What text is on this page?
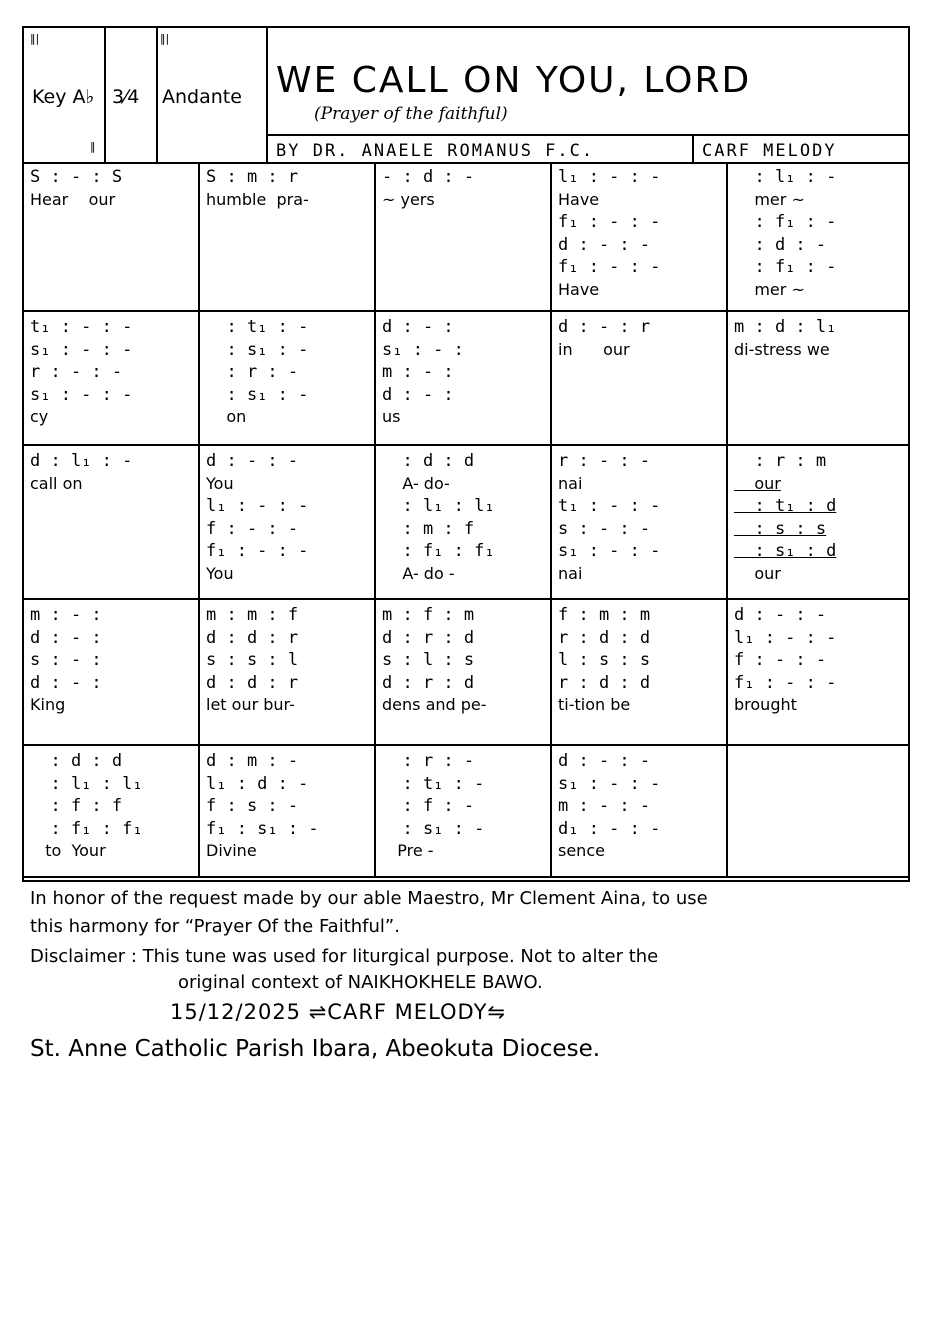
‖|
Key A♭
‖
3⁄4
‖|
Andante WE CALL ON YOU, LORD
(Prayer of the faithful)
BY DR. ANAELE ROMANUS F.C.	CARF MELODY
S : - : S
Hear    our
S : m : r
humble  pra-
- : d : -
~ yers
l₁ : - : -
Have
f₁ : - : -
d : - : -
f₁ : - : -
Have
: l₁ : -
mer ~
: f₁ : -
: d : -
: f₁ : -
mer ~
t₁ : - : -
s₁ : - : -
r : - : -
s₁ : - : -
cy
: t₁ : -
: s₁ : -
: r : -
: s₁ : -
on
d : - :
s₁ : - :
m : - :
d : - :
us
d : - : r
in      our
m : d : l₁
di-stress we
d : l₁ : -
call on
d : - : -
You
l₁ : - : -
f : - : -
f₁ : - : -
You
: d : d
A- do-
: l₁ : l₁
: m : f
: f₁ : f₁
A- do -
r : - : -
nai
t₁ : - : -
s : - : -
s₁ : - : -
nai
: r : m
our
: t₁ : d
: s : s
: s₁ : d
our
m : - :
d : - :
s : - :
d : - :
King
m : m : f
d : d : r
s : s : l
d : d : r
let our bur-
m : f : m
d : r : d
s : l : s
d : r : d
dens and pe-
f : m : m
r : d : d
l : s : s
r : d : d
ti-tion be
d : - : -
l₁ : - : -
f : - : -
f₁ : - : -
brought
: d : d
: l₁ : l₁
: f : f
: f₁ : f₁
to  Your
d : m : -
l₁ : d : -
f : s : -
f₁ : s₁ : -
Divine
: r : -
: t₁ : -
: f : -
: s₁ : -
Pre -
d : - : -
s₁ : - : -
m : - : -
d₁ : - : -
sence
In honor of the request made by our able Maestro, Mr Clement Aina, to use
this harmony for “Prayer Of the Faithful”.
Disclaimer : This tune was used for liturgical purpose. Not to alter the
original context of NAIKHOKHELE BAWO.
15/12/2025 ⇌CARF MELODY⇋
St. Anne Catholic Parish Ibara, Abeokuta Diocese.
